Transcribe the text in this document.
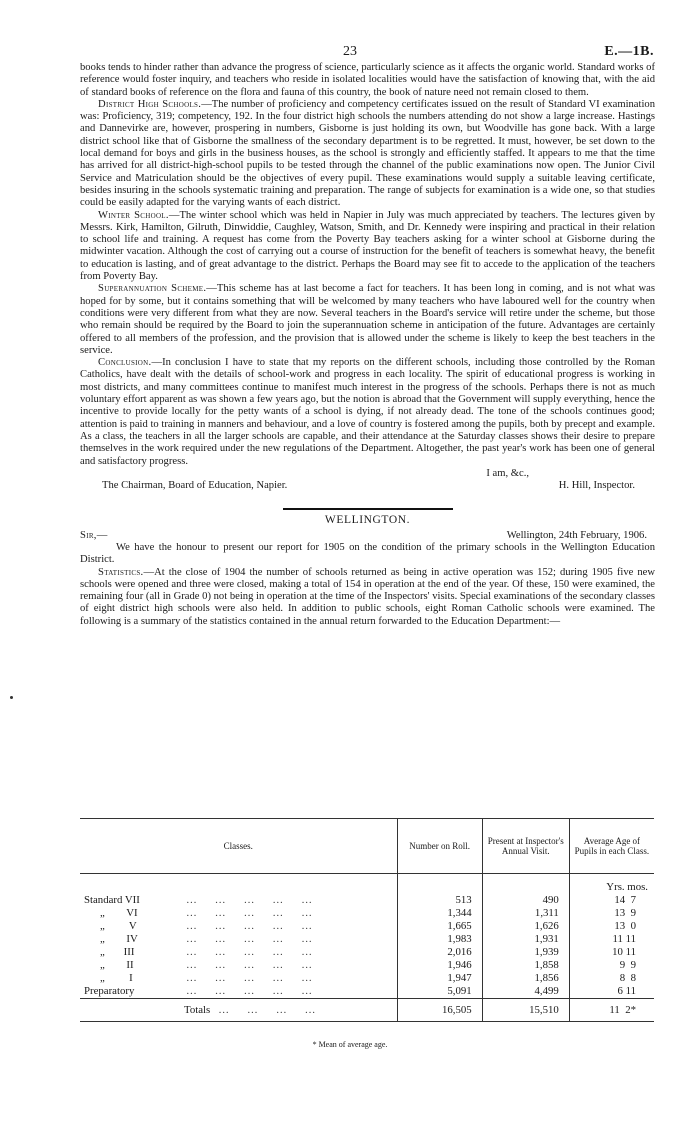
23	E.—1B.

books tends to hinder rather than advance the progress of science, particularly science as it affects the organic world. Standard works of reference would foster inquiry, and teachers who reside in isolated localities would have the satisfaction of knowing that, with the aid of standard books of reference on the flora and fauna of this country, the book of nature need not remain closed to them.

District High Schools.—The number of proficiency and competency certificates issued on the result of Standard VI examination was: Proficiency, 319; competency, 192. In the four district high schools the numbers attending do not show a large increase. Hastings and Dannevirke are, however, prospering in numbers, Gisborne is just holding its own, but Woodville has gone back. With a large district school like that of Gisborne the smallness of the secondary department is to be regretted. It must, however, be set down to the local demand for boys and girls in the business houses, as the school is strongly and efficiently staffed. It appears to me that the time has arrived for all district-high-school pupils to be tested through the channel of the public examinations now open. The Junior Civil Service and Matriculation should be the objectives of every pupil. These examinations would supply a suitable leaving certificate, besides insuring in the schools systematic training and preparation. The range of subjects for examination is a wide one, so that studies could be easily adapted for the varying wants of each district.

Winter School.—The winter school which was held in Napier in July was much appreciated by teachers. The lectures given by Messrs. Kirk, Hamilton, Gilruth, Dinwiddie, Caughley, Watson, Smith, and Dr. Kennedy were inspiring and practical in their relation to school life and training. A request has come from the Poverty Bay teachers asking for a winter school at Gisborne during the midwinter vacation. Although the cost of carrying out a course of instruction for the benefit of teachers is somewhat heavy, the benefit to education is lasting, and of great advantage to the district. Perhaps the Board may see fit to accede to the application of the teachers from Poverty Bay.

Superannuation Scheme.—This scheme has at last become a fact for teachers. It has been long in coming, and is not what was hoped for by some, but it contains something that will be welcomed by many teachers who have laboured well for the country when conditions were very different from what they are now. Several teachers in the Board's service will retire under the scheme, but those who remain should be required by the Board to join the superannuation scheme in anticipation of the future. Advantages are certainly offered to all members of the profession, and the provision that is allowed under the scheme is likely to keep the best teachers in the service.

Conclusion.—In conclusion I have to state that my reports on the different schools, including those controlled by the Roman Catholics, have dealt with the details of school-work and progress in each locality. The spirit of educational progress is working in most districts, and many committees continue to manifest much interest in the progress of the schools. Perhaps there is not as much voluntary effort apparent as was shown a few years ago, but the notion is abroad that the Government will supply everything, hence the incentive to provide locally for the petty wants of a school is dying, if not already dead. The tone of the schools continues good; attention is paid to training in manners and behaviour, and a love of country is fostered among the pupils, both by precept and example. As a class, the teachers in all the larger schools are capable, and their attendance at the Saturday classes shows their desire to prepare themselves in the work required under the new regulations of the Department. Altogether, the past year's work has been one of general and satisfactory progress.

I am, &c.,
The Chairman, Board of Education, Napier.	H. Hill, Inspector.
WELLINGTON.
Sir,—	Wellington, 24th February, 1906.

We have the honour to present our report for 1905 on the condition of the primary schools in the Wellington Education District.

Statistics.—At the close of 1904 the number of schools returned as being in active operation was 152; during 1905 five new schools were opened and three were closed, making a total of 154 in operation at the end of the year. Of these, 150 were examined, the remaining four (all in Grade 0) not being in operation at the time of the Inspectors' visits. Special examinations of the secondary classes of eight district high schools were also held. In addition to public schools, eight Roman Catholic schools were examined. The following is a summary of the statistics contained in the annual return forwarded to the Education Department:—

Classes.	Number on Roll.	Present at Inspector's Annual Visit.	Average Age of Pupils in each Class.
			Yrs. mos.
Standard VII ……………	513	490	14  7
„        VI ……………	1,344	1,311	13  9
„         V ……………	1,665	1,626	13  0
„        IV ……………	1,983	1,931	11 11
„       III ……………	2,016	1,939	10 11
„        II ……………	1,946	1,858	9  9
„         I ……………	1,947	1,856	8  8
Preparatory ……………	5,091	4,499	6 11
Totals …………	16,505	15,510	11  2*
* Mean of average age.
